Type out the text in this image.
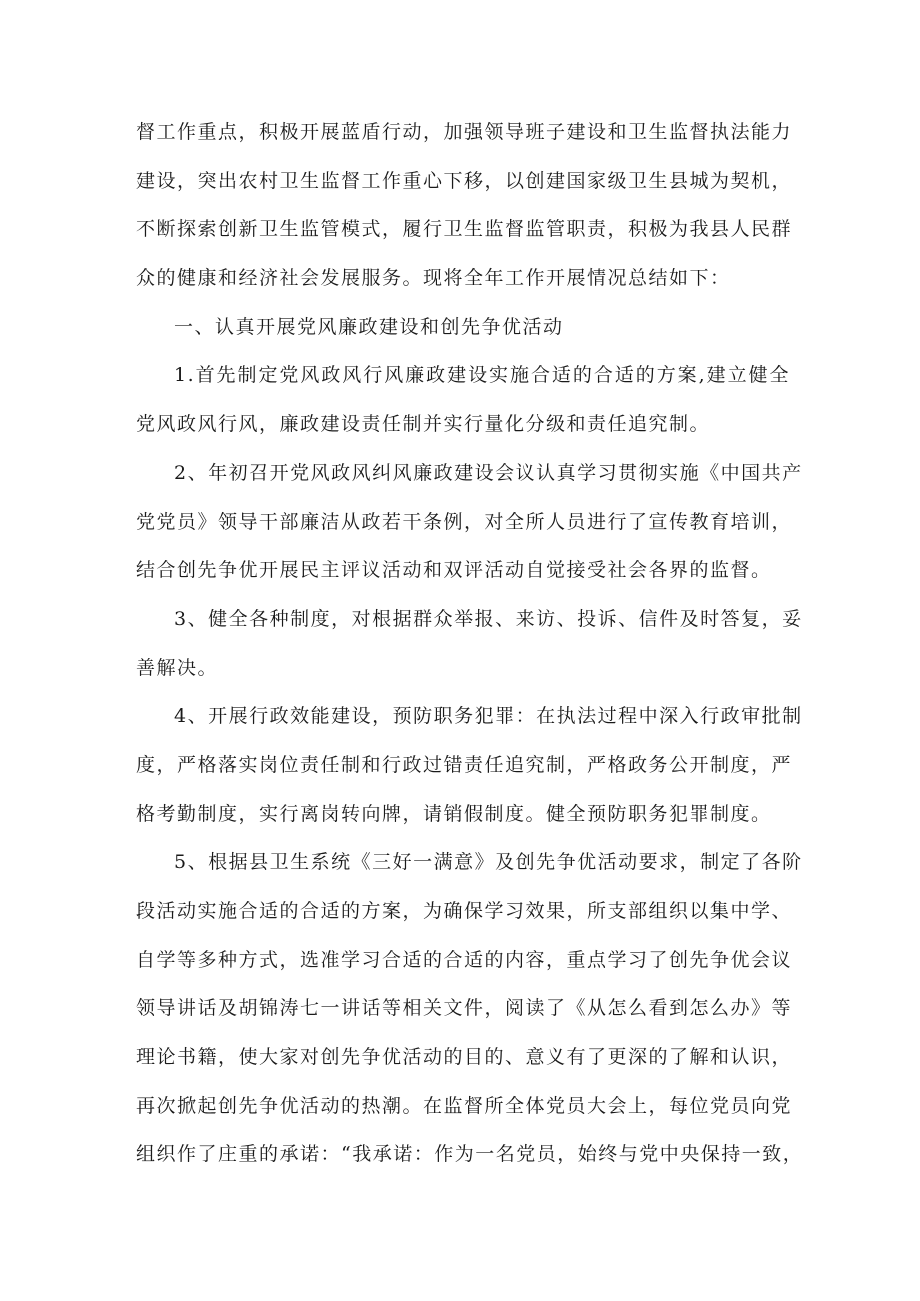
督工作重点，积极开展蓝盾行动，加强领导班子建设和卫生监督执法能力
建设，突出农村卫生监督工作重心下移，以创建国家级卫生县城为契机，
不断探索创新卫生监管模式，履行卫生监督监管职责，积极为我县人民群
众的健康和经济社会发展服务。现将全年工作开展情况总结如下：
一、认真开展党风廉政建设和创先争优活动
1.首先制定党风政风行风廉政建设实施合适的合适的方案,建立健全
党风政风行风，廉政建设责任制并实行量化分级和责任追究制。
2、年初召开党风政风纠风廉政建设会议认真学习贯彻实施《中国共产
党党员》领导干部廉洁从政若干条例，对全所人员进行了宣传教育培训，
结合创先争优开展民主评议活动和双评活动自觉接受社会各界的监督。
3、健全各种制度，对根据群众举报、来访、投诉、信件及时答复，妥
善解决。
4、开展行政效能建设，预防职务犯罪：在执法过程中深入行政审批制
度，严格落实岗位责任制和行政过错责任追究制，严格政务公开制度，严
格考勤制度，实行离岗转向牌，请销假制度。健全预防职务犯罪制度。
5、根据县卫生系统《三好一满意》及创先争优活动要求，制定了各阶
段活动实施合适的合适的方案，为确保学习效果，所支部组织以集中学、
自学等多种方式，选准学习合适的合适的内容，重点学习了创先争优会议
领导讲话及胡锦涛七一讲话等相关文件，阅读了《从怎么看到怎么办》等
理论书籍，使大家对创先争优活动的目的、意义有了更深的了解和认识，
再次掀起创先争优活动的热潮。在监督所全体党员大会上，每位党员向党
组织作了庄重的承诺：“我承诺：作为一名党员，始终与党中央保持一致，
